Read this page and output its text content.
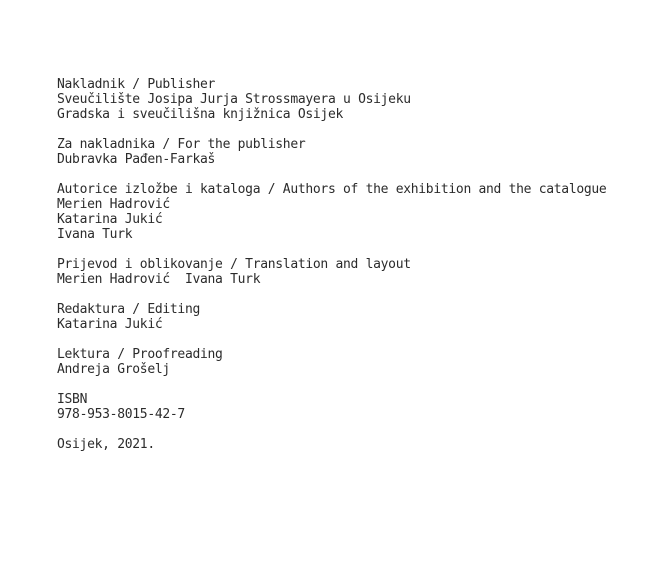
Nakladnik / Publisher
Sveučilište Josipa Jurja Strossmayera u Osijeku
Gradska i sveučilišna knjižnica Osijek
Za nakladnika / For the publisher
Dubravka Pađen-Farkaš
Autorice izložbe i kataloga / Authors of the exhibition and the catalogue
Merien Hadrović
Katarina Jukić
Ivana Turk
Prijevod i oblikovanje / Translation and layout
Merien Hadrović  Ivana Turk
Redaktura / Editing
Katarina Jukić
Lektura / Proofreading
Andreja Grošelj
ISBN
978-953-8015-42-7
Osijek, 2021.
